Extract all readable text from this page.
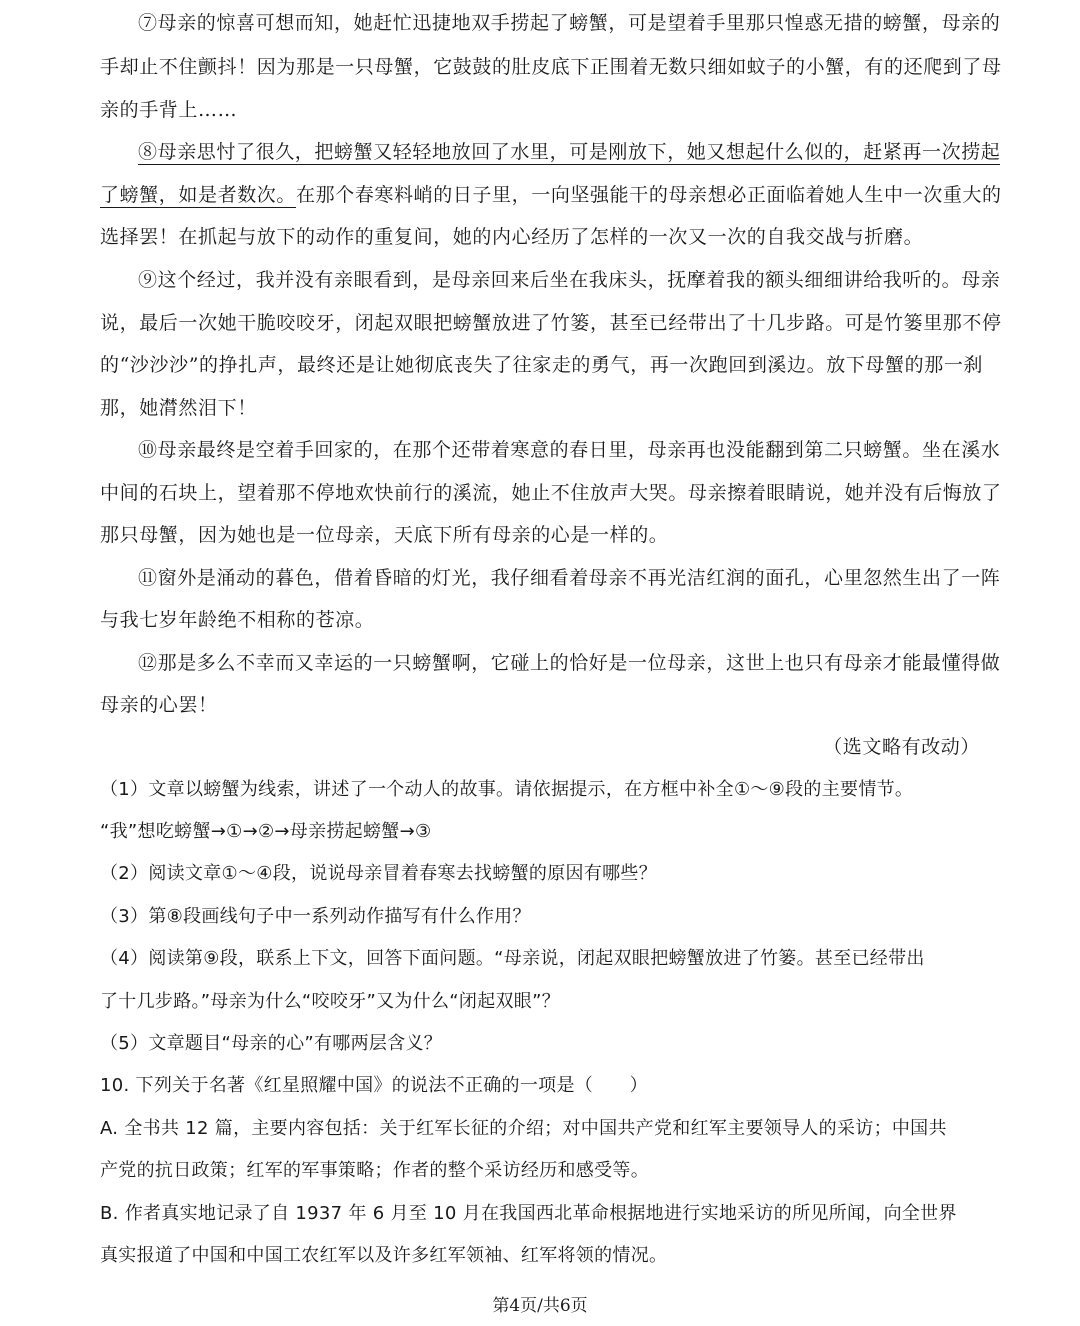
⑦母亲的惊喜可想而知，她赶忙迅捷地双手捞起了螃蟹，可是望着手里那只惶惑无措的螃蟹，母亲的
手却止不住颤抖！因为那是一只母蟹，它鼓鼓的肚皮底下正围着无数只细如蚊子的小蟹，有的还爬到了母
亲的手背上……
⑧母亲思忖了很久，把螃蟹又轻轻地放回了水里，可是刚放下，她又想起什么似的，赶紧再一次捞起
了螃蟹，如是者数次。在那个春寒料峭的日子里，一向坚强能干的母亲想必正面临着她人生中一次重大的
选择罢！在抓起与放下的动作的重复间，她的内心经历了怎样的一次又一次的自我交战与折磨。
⑨这个经过，我并没有亲眼看到，是母亲回来后坐在我床头，抚摩着我的额头细细讲给我听的。母亲
说，最后一次她干脆咬咬牙，闭起双眼把螃蟹放进了竹篓，甚至已经带出了十几步路。可是竹篓里那不停
的“沙沙沙”的挣扎声，最终还是让她彻底丧失了往家走的勇气，再一次跑回到溪边。放下母蟹的那一刹
那，她潸然泪下！
⑩母亲最终是空着手回家的，在那个还带着寒意的春日里，母亲再也没能翻到第二只螃蟹。坐在溪水
中间的石块上，望着那不停地欢快前行的溪流，她止不住放声大哭。母亲擦着眼睛说，她并没有后悔放了
那只母蟹，因为她也是一位母亲，天底下所有母亲的心是一样的。
⑪窗外是涌动的暮色，借着昏暗的灯光，我仔细看着母亲不再光洁红润的面孔，心里忽然生出了一阵
与我七岁年龄绝不相称的苍凉。
⑫那是多么不幸而又幸运的一只螃蟹啊，它碰上的恰好是一位母亲，这世上也只有母亲才能最懂得做
母亲的心罢！
（选文略有改动）
（1）文章以螃蟹为线索，讲述了一个动人的故事。请依据提示，在方框中补全①～⑨段的主要情节。
“我”想吃螃蟹→①→②→母亲捞起螃蟹→③
（2）阅读文章①～④段，说说母亲冒着春寒去找螃蟹的原因有哪些？
（3）第⑧段画线句子中一系列动作描写有什么作用？
（4）阅读第⑨段，联系上下文，回答下面问题。“母亲说，闭起双眼把螃蟹放进了竹篓。甚至已经带出
了十几步路。”母亲为什么“咬咬牙”又为什么“闭起双眼”？
（5）文章题目“母亲的心”有哪两层含义？
10. 下列关于名著《红星照耀中国》的说法不正确的一项是（　　）
A. 全书共 12 篇，主要内容包括：关于红军长征的介绍；对中国共产党和红军主要领导人的采访；中国共
产党的抗日政策；红军的军事策略；作者的整个采访经历和感受等。
B. 作者真实地记录了自 1937 年 6 月至 10 月在我国西北革命根据地进行实地采访的所见所闻，向全世界
真实报道了中国和中国工农红军以及许多红军领袖、红军将领的情况。
第4页/共6页
